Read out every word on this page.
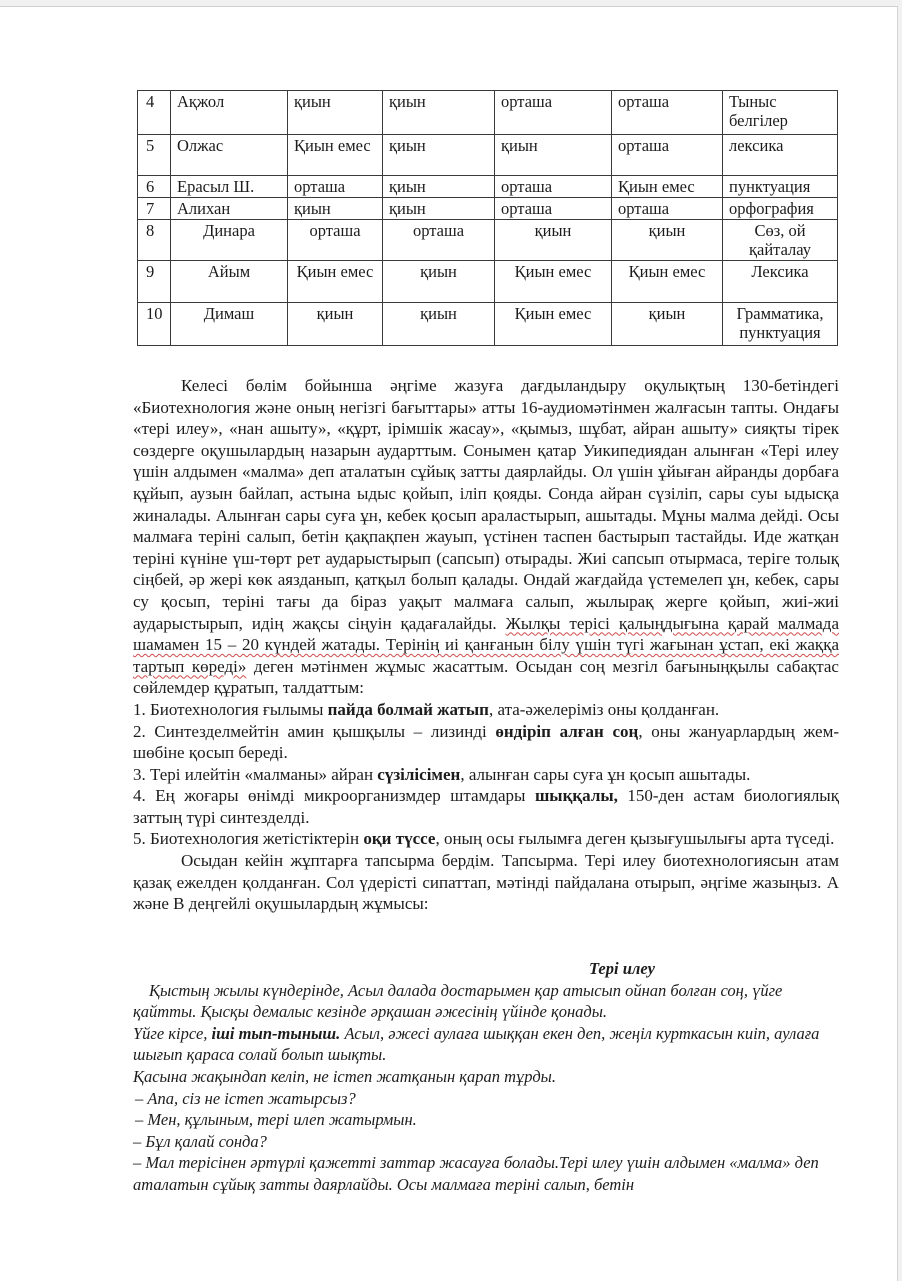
4	Ақжол	қиын	қиын	орташа	орташа	Тыныс белгілер
5	Олжас	Қиын емес	қиын	қиын	орташа	лексика
6	Ерасыл Ш.	орташа	қиын	орташа	Қиын емес	пунктуация
7	Алихан	қиын	қиын	орташа	орташа	орфография
8	Динара	орташа	орташа	қиын	қиын	Сөз, ой қайталау
9	Айым	Қиын емес	қиын	Қиын емес	Қиын емес	Лексика
10	Димаш	қиын	қиын	Қиын емес	қиын	Грамматика, пунктуация

Келесі бөлім бойынша әңгіме жазуға дағдыландыру оқулықтың 130-бетіндегі «Биотехнология және оның негізгі бағыттары» атты 16-аудиомәтінмен жалғасын тапты. Ондағы «тері илеу», «нан ашыту», «құрт, ірімшік жасау», «қымыз, шұбат, айран ашыту» сияқты тірек сөздерге оқушылардың назарын аударттым. Сонымен қатар Уикипедиядан алынған «Тері илеу үшін алдымен «малма» деп аталатын сұйық затты даярлайды. Ол үшін ұйыған айранды дорбаға құйып, аузын байлап, астына ыдыс қойып, іліп қояды. Сонда айран сүзіліп, сары суы ыдысқа жиналады. Алынған сары суға ұн, кебек қосып араластырып, ашытады. Мұны малма дейді. Осы малмаға теріні салып, бетін қақпақпен жауып, үстінен таспен бастырып тастайды. Иде жатқан теріні күніне үш-төрт рет аударыстырып (сапсып) отырады. Жиі сапсып отырмаса, теріге толық сіңбей, әр жері көк аязданып, қатқыл болып қалады. Ондай жағдайда үстемелеп ұн, кебек, сары су қосып, теріні тағы да біраз уақыт малмаға салып, жылырақ жерге қойып, жиі-жиі аударыстырып, идің жақсы сіңуін қадағалайды. Жылқы терісі қалыңдығына қарай малмада шамамен 15 – 20 күндей жатады. Терінің иі қанғанын білу үшін түгі жағынан ұстап, екі жаққа тартып көреді» деген мәтінмен жұмыс жасаттым. Осыдан соң мезгіл бағыныңқылы сабақтас сөйлемдер құратып, талдаттым:

1. Биотехнология ғылымы пайда болмай жатып, ата-әжелеріміз оны қолданған.

2. Синтезделмейтін амин қышқылы – лизинді өндіріп алған соң, оны жануарлардың жем-шөбіне қосып береді.

3. Тері илейтін «малманы» айран сүзілісімен, алынған сары суға ұн қосып ашытады.

4. Ең жоғары өнімді микроорганизмдер штамдары шыққалы, 150-ден астам биологиялық заттың түрі синтезделді.

5. Биотехнология жетістіктерін оқи түссе, оның осы ғылымға деген қызығушылығы арта түседі.

Осыдан кейін жұптарға тапсырма бердім. Тапсырма. Тері илеу биотехнологиясын атам қазақ ежелден қолданған. Сол үдерісті сипаттап, мәтінді пайдалана отырып, әңгіме жазыңыз. А және В деңгейлі оқушылардың жұмысы:

Тері илеу

Қыстың жылы күндерінде, Асыл далада достарымен қар атысып ойнап болған соң, үйге қайтты. Қысқы демалыс кезінде әрқашан әжесінің үйінде қонады.

Үйге кірсе, іші тып-тыныш. Асыл, әжесі аулаға шыққан екен деп, жеңіл курткасын киіп, аулаға шығып қараса солай болып шықты.

Қасына жақындап келіп, не істеп жатқанын қарап тұрды.

– Апа, сіз не істеп жатырсыз?

– Мен, құлыным, тері илеп жатырмын.

– Бұл қалай сонда?

– Мал терісінен әртүрлі қажетті заттар жасауға болады.Тері илеу үшін алдымен «малма» деп аталатын сұйық затты даярлайды. Осы малмаға теріні салып, бетін
